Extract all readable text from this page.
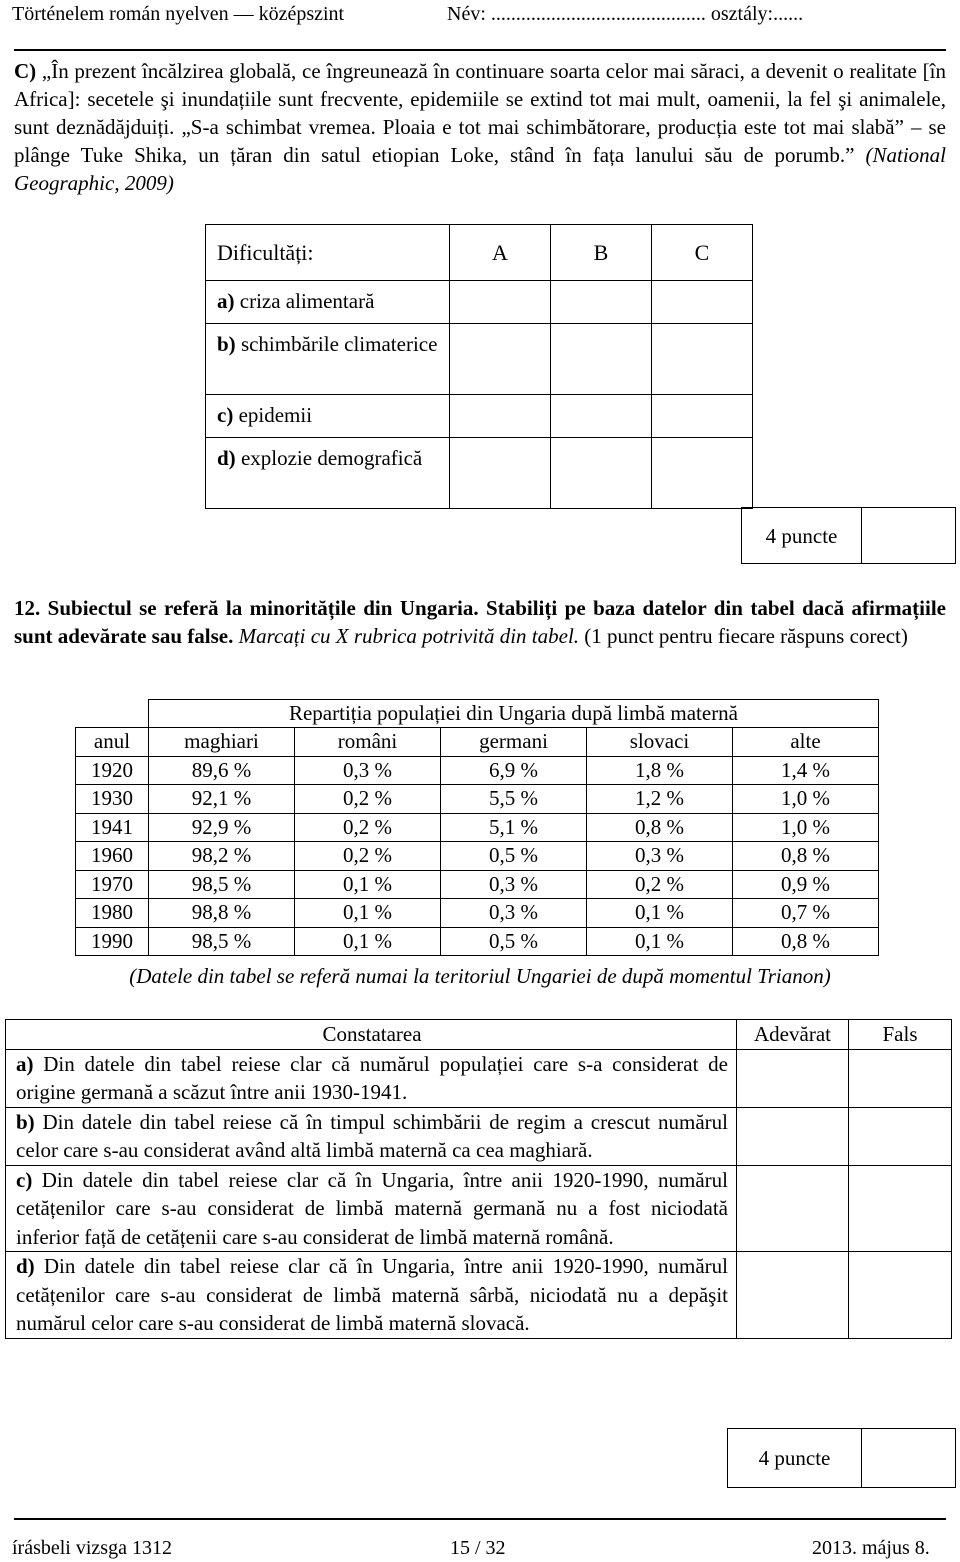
Történelem román nyelven — középszint	Név: ........................................... osztály:......
C) „În prezent încălzirea globală, ce îngreunează în continuare soarta celor mai săraci, a devenit o realitate [în Africa]: secetele şi inundațiile sunt frecvente, epidemiile se extind tot mai mult, oamenii, la fel şi animalele, sunt deznădăjduiți. „S-a schimbat vremea. Ploaia e tot mai schimbătorare, producția este tot mai slabă” – se plânge Tuke Shika, un țăran din satul etiopian Loke, stând în fața lanului său de porumb.” (National Geographic, 2009)
Dificultăți:	A	B	C
a) criza alimentară			
b) schimbările climaterice			
c) epidemii			
d) explozie demografică			
4 puncte
12. Subiectul se referă la minoritățile din Ungaria. Stabiliți pe baza datelor din tabel dacă afirmațiile sunt adevărate sau false. Marcați cu X rubrica potrivită din tabel. (1 punct pentru fiecare răspuns corect)
	Repartiția populației din Ungaria după limbă maternă				
anul	maghiari	români	germani	slovaci	alte
1920	89,6 %	0,3 %	6,9 %	1,8 %	1,4 %
1930	92,1 %	0,2 %	5,5 %	1,2 %	1,0 %
1941	92,9 %	0,2 %	5,1 %	0,8 %	1,0 %
1960	98,2 %	0,2 %	0,5 %	0,3 %	0,8 %
1970	98,5 %	0,1 %	0,3 %	0,2 %	0,9 %
1980	98,8 %	0,1 %	0,3 %	0,1 %	0,7 %
1990	98,5 %	0,1 %	0,5 %	0,1 %	0,8 %
(Datele din tabel se referă numai la teritoriul Ungariei de după momentul Trianon)
Constatarea	Adevărat	Fals
a) Din datele din tabel reiese clar că numărul populației care s-a considerat de origine germană a scăzut între anii 1930-1941.		
b) Din datele din tabel reiese că în timpul schimbării de regim a crescut numărul celor care s-au considerat având altă limbă maternă ca cea maghiară.		
c) Din datele din tabel reiese clar că în Ungaria, între anii 1920-1990, numărul cetățenilor care s-au considerat de limbă maternă germană nu a fost niciodată inferior față de cetățenii care s-au considerat de limbă maternă română.		
d) Din datele din tabel reiese clar că în Ungaria, între anii 1920-1990, numărul cetățenilor care s-au considerat de limbă maternă sârbă, niciodată nu a depăşit numărul celor care s-au considerat de limbă maternă slovacă.		
4 puncte
írásbeli vizsga 1312	15 / 32	2013. május 8.
